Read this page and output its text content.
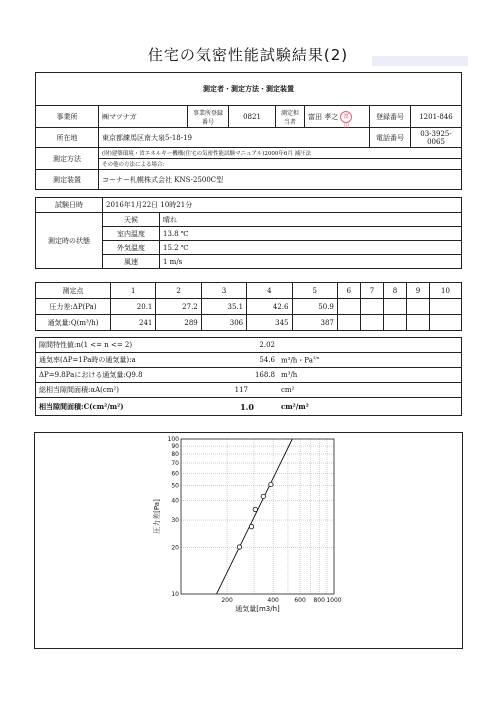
住宅の気密性能試験結果(2)
測定者・測定方法・測定装置							
事業所	㈱マツナガ	事業所登録番号	0821	測定担当者	富田 孝之 富田	登録番号	1201-846
所在地	東京都練馬区南大泉5-18-19					電話番号	03-3925-0065
測定方法	(財)建築環境・省エネルギー機構(住宅の気密性能試験マニュアル)2000年6月 減圧法						
	その他の方法による場合:						
測定装置	コーナー札幌株式会社 KNS-2500C型						
試験日時	2016年1月22日 10時21分	
測定時の状態	天候	晴れ
	室内温度	13.8 ℃
	外気温度	15.2 ℃
	風速	1 m/s
測定点	1	2	3	4	5	6	7	8	9	10
圧力差:ΔP(Pa)	20.1	27.2	35.1	42.6	50.9					
通気量:Q(m³/h)	241	289	306	345	387					
隙間特性値:n(1 <= n <= 2)	2.02	
通気率(ΔP=1Pa時の通気量):a	54.6	m³/h・$Pa^{1/n}$
ΔP=9.8Paにおける通気量:Q9.8	168.8	m³/h
総相当隙間面積:αA(cm²)	117	cm²
相当隙間面積:C(cm²/m²)	1.0	cm²/m²
100
90
80
70
60
50
40
30
20
10
200	400	600 800 1000
通気量[m3/h]
圧力差[Pa]
